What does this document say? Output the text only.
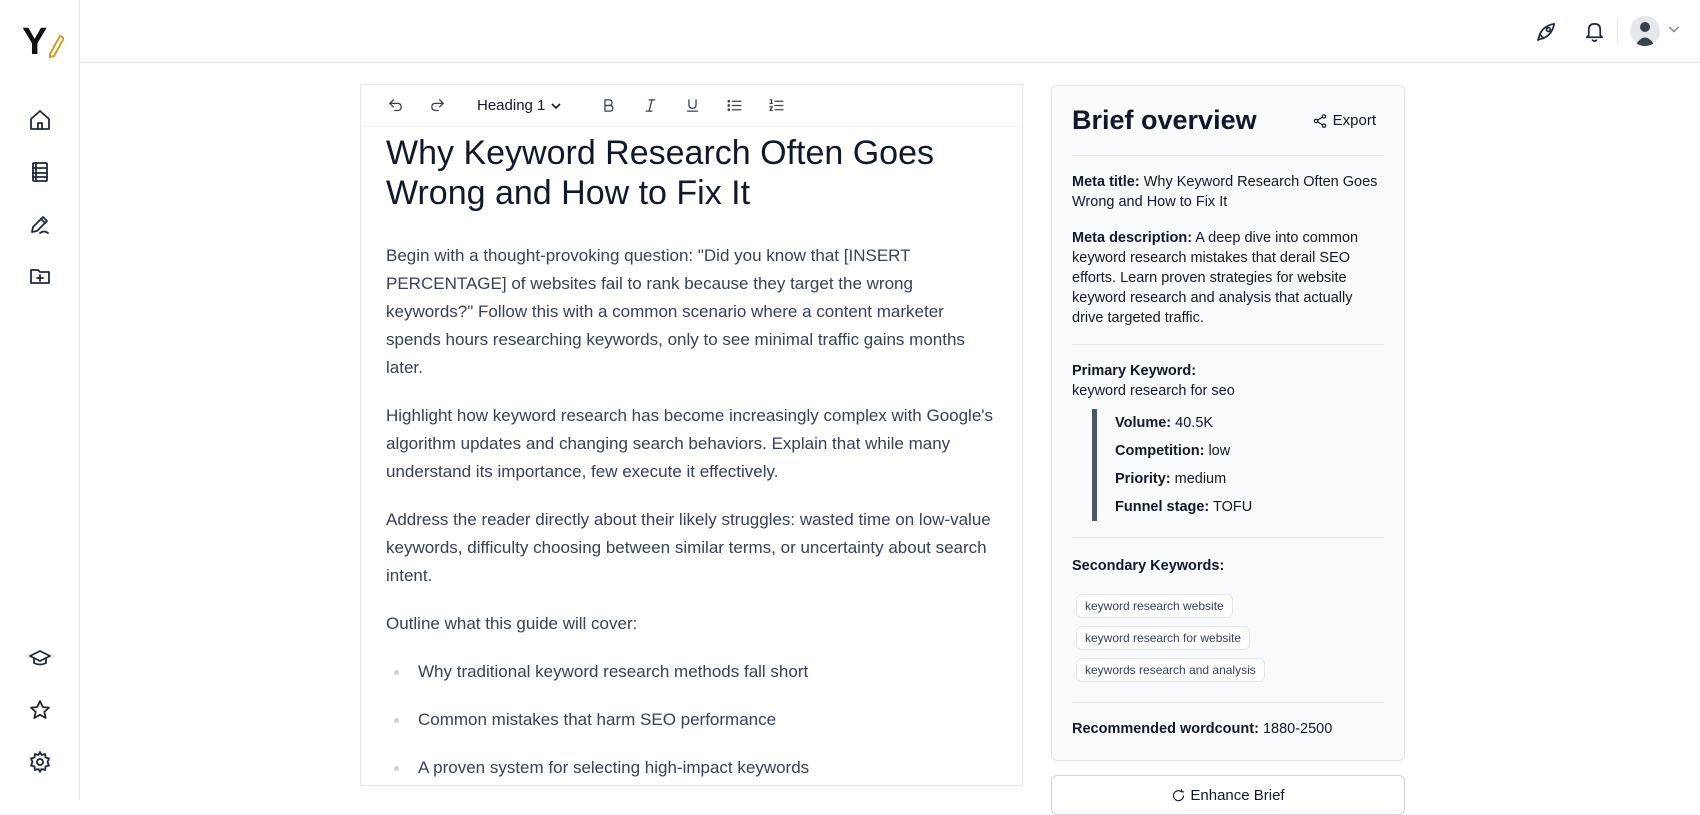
Y
Heading 1
Why Keyword Research Often Goes Wrong and How to Fix It

Begin with a thought-provoking question: "Did you know that [INSERT PERCENTAGE] of websites fail to rank because they target the wrong keywords?" Follow this with a common scenario where a content marketer spends hours researching keywords, only to see minimal traffic gains months later.

Highlight how keyword research has become increasingly complex with Google's algorithm updates and changing search behaviors. Explain that while many understand its importance, few execute it effectively.

Address the reader directly about their likely struggles: wasted time on low-value keywords, difficulty choosing between similar terms, or uncertainty about search intent.

Outline what this guide will cover:

Why traditional keyword research methods fall short
Common mistakes that harm SEO performance
A proven system for selecting high-impact keywords
Brief overview	Export
Meta title: Why Keyword Research Often Goes Wrong and How to Fix It
Meta description: A deep dive into common keyword research mistakes that derail SEO efforts. Learn proven strategies for website keyword research and analysis that actually drive targeted traffic.
Primary Keyword:
keyword research for seo
Volume: 40.5K
Competition: low
Priority: medium
Funnel stage: TOFU
Secondary Keywords:
keyword research website
keyword research for website
keywords research and analysis
Recommended wordcount: 1880-2500
Enhance Brief
